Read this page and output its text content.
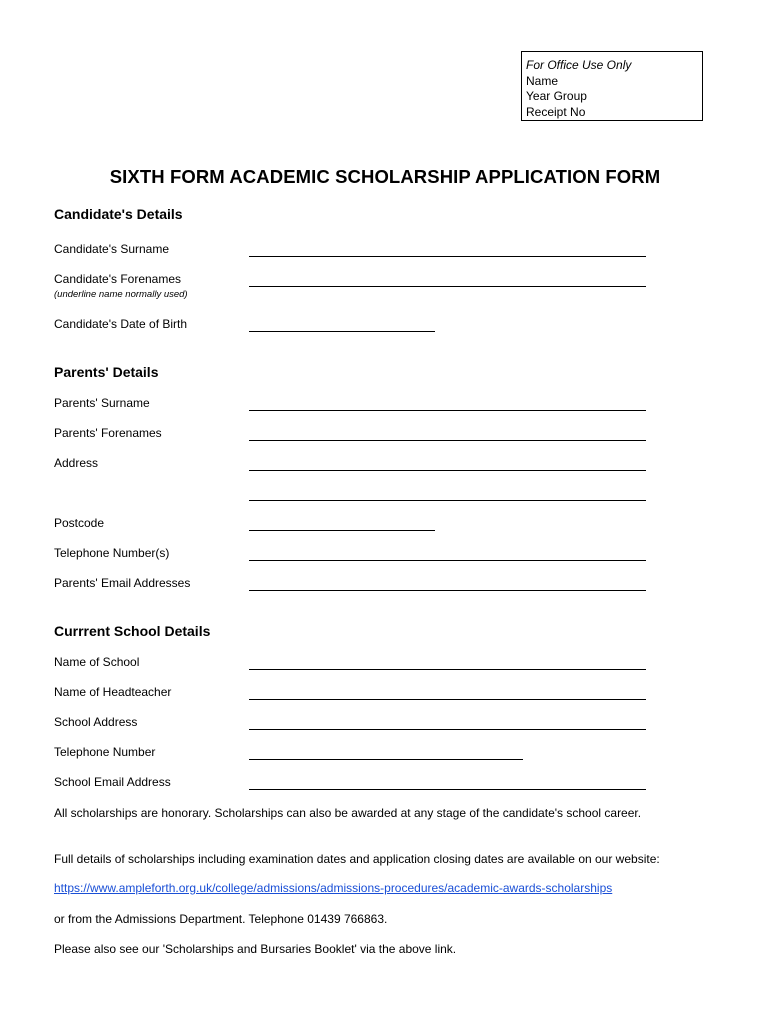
For Office Use Only
Name
Year Group
Receipt No
SIXTH FORM ACADEMIC SCHOLARSHIP APPLICATION FORM
Candidate's Details
Candidate's Surname
Candidate's Forenames
(underline name normally used)
Candidate's Date of Birth
Parents' Details
Parents' Surname
Parents' Forenames
Address
Postcode
Telephone Number(s)
Parents' Email Addresses
Currrent School Details
Name of School
Name of Headteacher
School Address
Telephone Number
School Email Address
All scholarships are honorary. Scholarships can also be awarded at any stage of the candidate's school career.
Full details of scholarships including examination dates and application closing dates are available on our website:
https://www.ampleforth.org.uk/college/admissions/admissions-procedures/academic-awards-scholarships
or from the Admissions Department. Telephone 01439 766863.
Please also see our 'Scholarships and Bursaries Booklet' via the above link.
